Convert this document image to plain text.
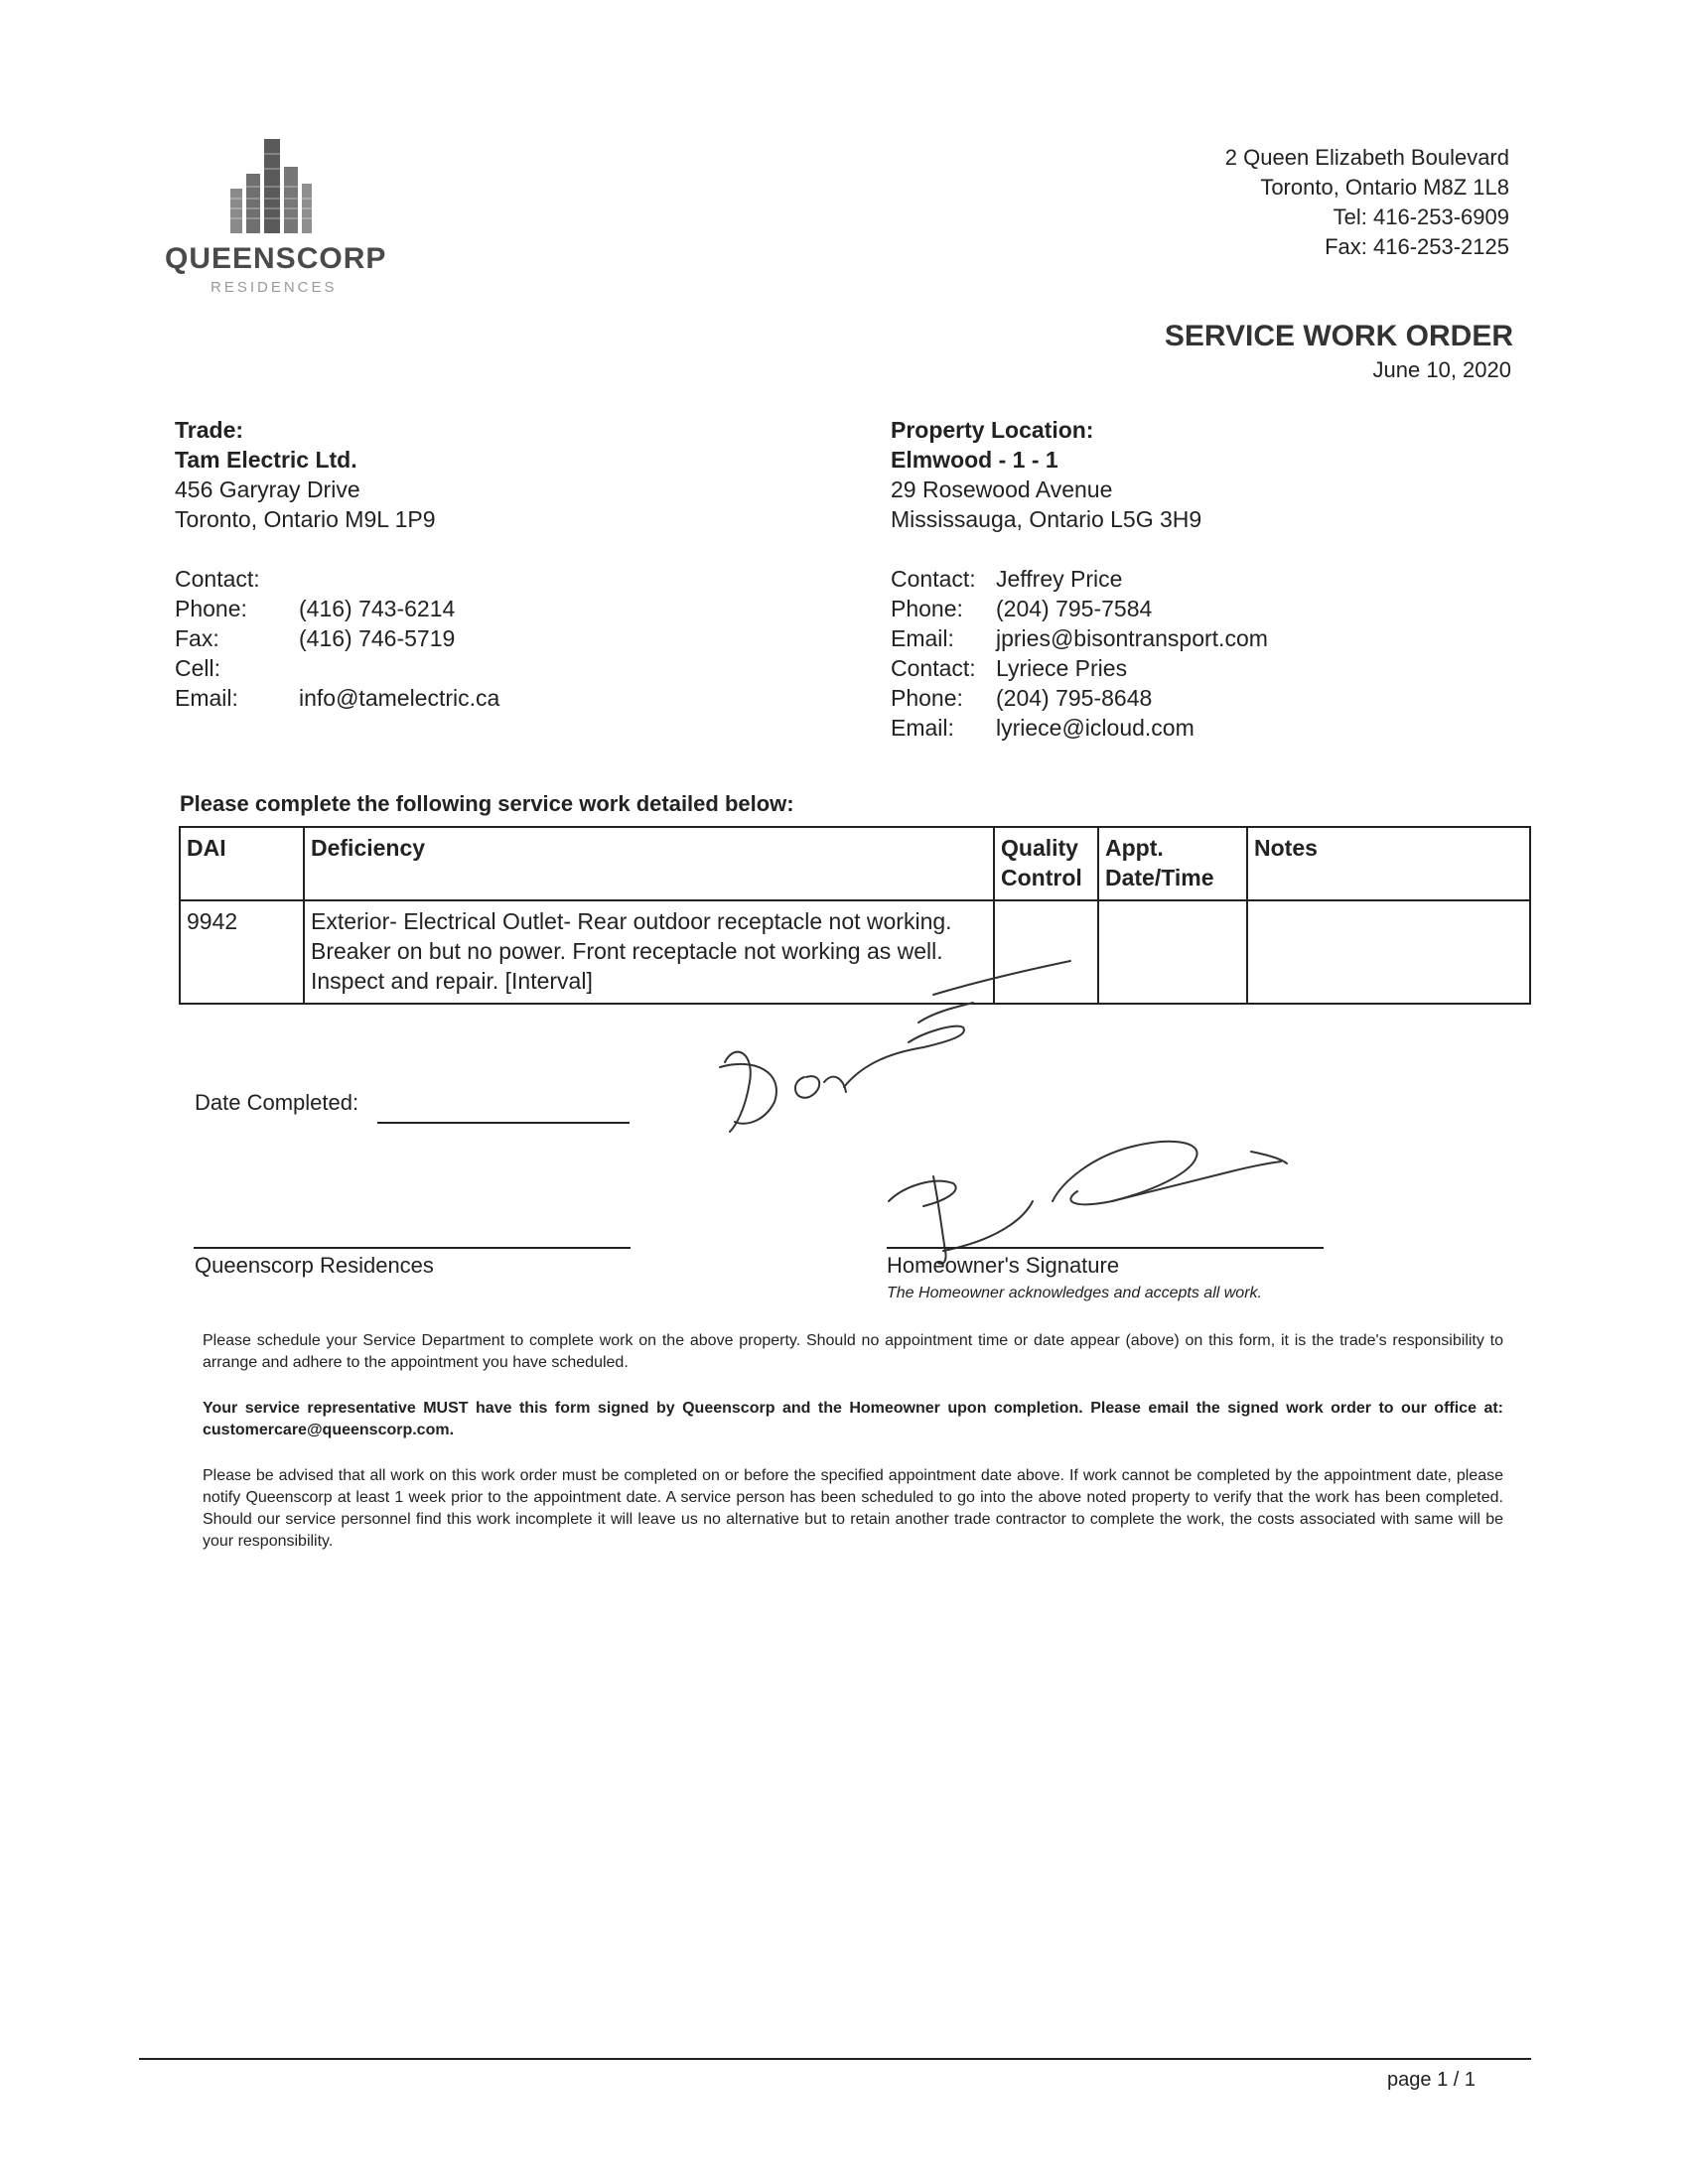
QUEENSCORP
RESIDENCES
2 Queen Elizabeth Boulevard
Toronto, Ontario M8Z 1L8
Tel: 416-253-6909
Fax: 416-253-2125
SERVICE WORK ORDER
June 10, 2020
Trade:
Tam Electric Ltd.
456 Garyray Drive
Toronto, Ontario M9L 1P9
Contact:
Phone:	(416) 743-6214
Fax:	(416) 746-5719
Cell:
Email:	info@tamelectric.ca
Property Location:
Elmwood - 1 - 1
29 Rosewood Avenue
Mississauga, Ontario L5G 3H9
Contact: Jeffrey Price
Phone:	(204) 795-7584
Email:	jpries@bisontransport.com
Contact: Lyriece Pries
Phone:	(204) 795-8648
Email:	lyriece@icloud.com
Please complete the following service work detailed below:
DAI	Deficiency	Quality Control	Appt. Date/Time	Notes
9942	Exterior- Electrical Outlet- Rear outdoor receptacle not working. Breaker on but no power. Front receptacle not working as well. Inspect and repair. [Interval]			
Date Completed:
Queenscorp Residences	Homeowner's Signature
The Homeowner acknowledges and accepts all work.
Please schedule your Service Department to complete work on the above property. Should no appointment time or date appear (above) on this form, it is the trade's responsibility to arrange and adhere to the appointment you have scheduled.
Your service representative MUST have this form signed by Queenscorp and the Homeowner upon completion. Please email the signed work order to our office at: customercare@queenscorp.com.
Please be advised that all work on this work order must be completed on or before the specified appointment date above. If work cannot be completed by the appointment date, please notify Queenscorp at least 1 week prior to the appointment date. A service person has been scheduled to go into the above noted property to verify that the work has been completed. Should our service personnel find this work incomplete it will leave us no alternative but to retain another trade contractor to complete the work, the costs associated with same will be your responsibility.
page 1 / 1
